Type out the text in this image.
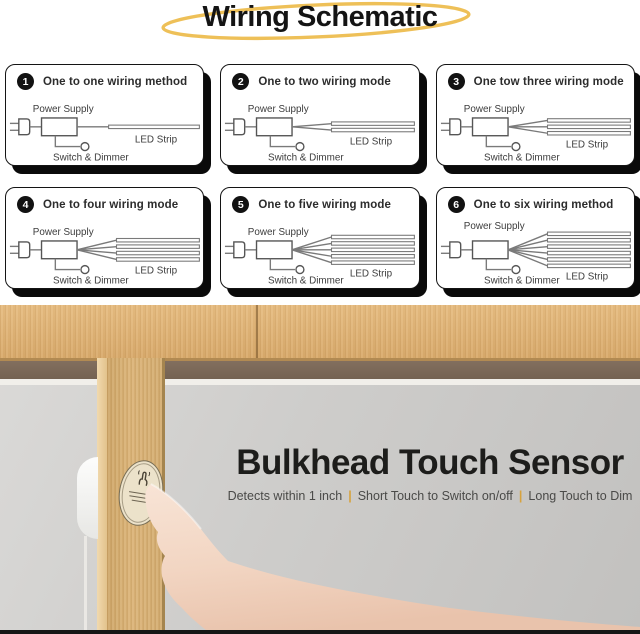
Wiring Schematic
1	One to one wiring method
Power Supply
Switch & Dimmer
LED Strip
2	One to two wiring mode
Power Supply
Switch & Dimmer
LED Strip
3	One tow three wiring mode
Power Supply
Switch & Dimmer
LED Strip
4	One to four wiring mode
Power Supply
Switch & Dimmer
LED Strip
5	One to five wiring mode
Power Supply
Switch & Dimmer
LED Strip
6	One to six wiring method
Power Supply
Switch & Dimmer LED Strip
Bulkhead Touch Sensor
Detects within 1 inch | Short Touch to Switch on/off | Long Touch to Dim
